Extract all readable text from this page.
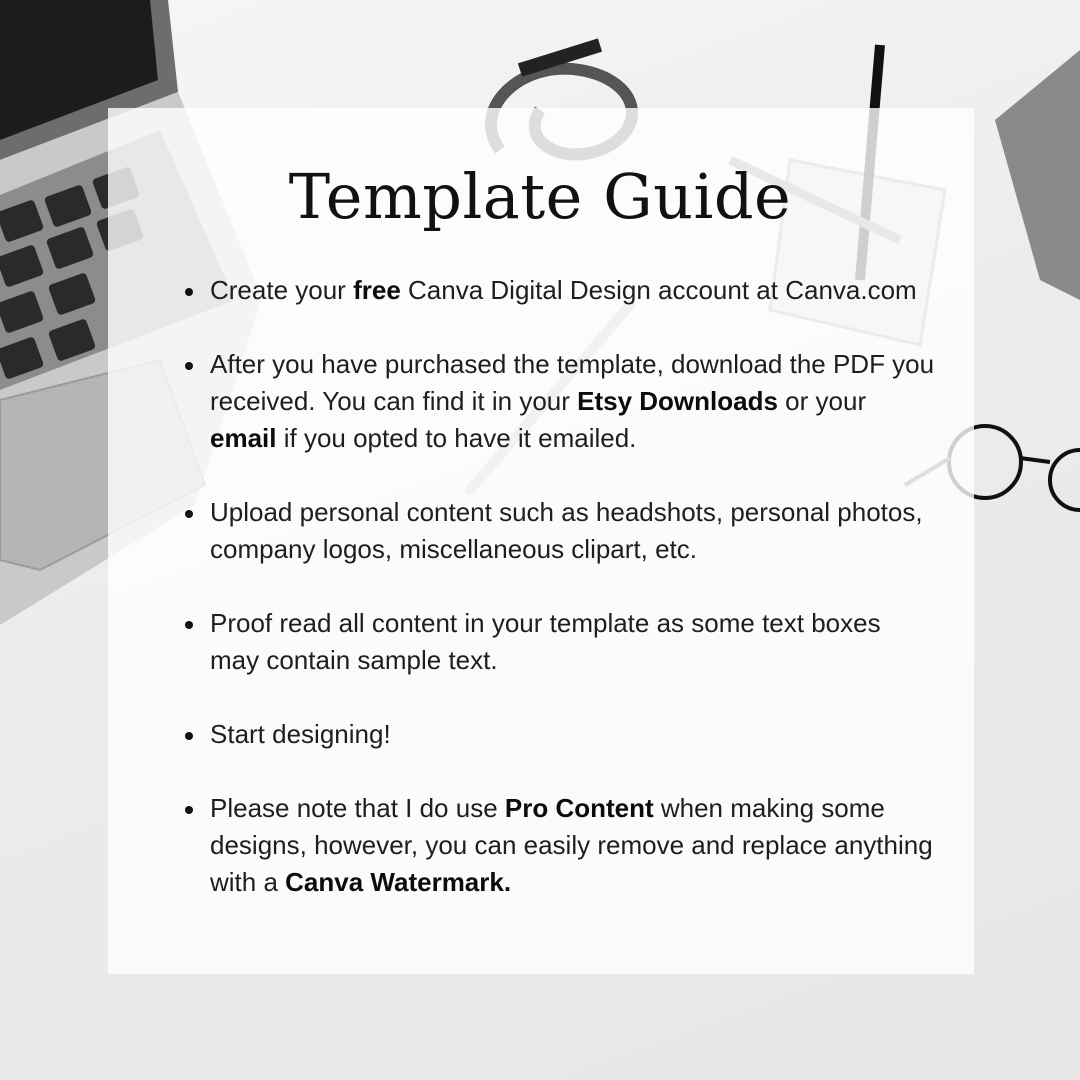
Template Guide
Create your free Canva Digital Design account at Canva.com
After you have purchased the template, download the PDF you received. You can find it in your Etsy Downloads or your email if you opted to have it emailed.
Upload personal content such as headshots, personal photos, company logos, miscellaneous clipart, etc.
Proof read all content in your template as some text boxes may contain sample text.
Start designing!
Please note that I do use Pro Content when making some designs, however, you can easily remove and replace anything with a Canva Watermark.
